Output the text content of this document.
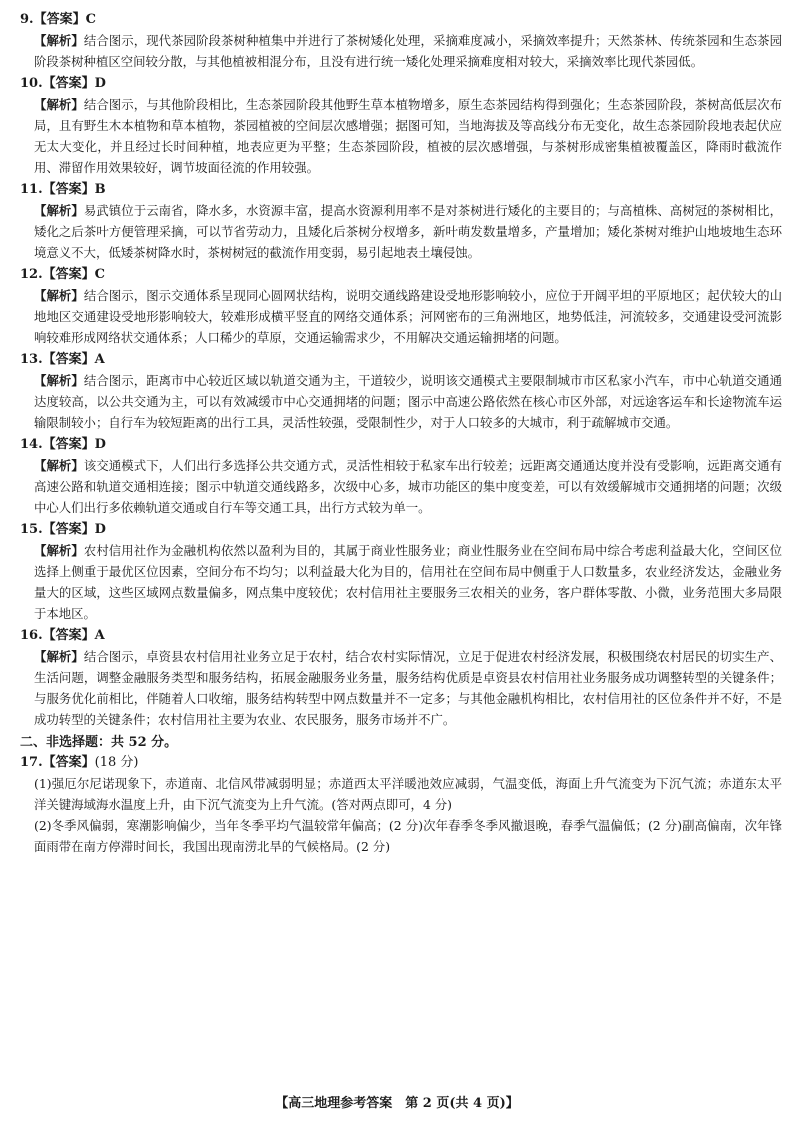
9.【答案】C

【解析】结合图示，现代茶园阶段茶树种植集中并进行了茶树矮化处理，采摘难度减小，采摘效率提升；天然茶林、传统茶园和生态茶园阶段茶树种植区空间较分散，与其他植被相混分布，且没有进行统一矮化处理采摘难度相对较大，采摘效率比现代茶园低。

10.【答案】D

【解析】结合图示，与其他阶段相比，生态茶园阶段其他野生草本植物增多，原生态茶园结构得到强化；生态茶园阶段，茶树高低层次布局，且有野生木本植物和草本植物，茶园植被的空间层次感增强；据图可知，当地海拔及等高线分布无变化，故生态茶园阶段地表起伏应无太大变化，并且经过长时间种植，地表应更为平整；生态茶园阶段，植被的层次感增强，与茶树形成密集植被覆盖区，降雨时截流作用、滞留作用效果较好，调节坡面径流的作用较强。

11.【答案】B

【解析】易武镇位于云南省，降水多，水资源丰富，提高水资源利用率不是对茶树进行矮化的主要目的；与高植株、高树冠的茶树相比，矮化之后茶叶方便管理采摘，可以节省劳动力，且矮化后茶树分杈增多，新叶萌发数量增多，产量增加；矮化茶树对维护山地坡地生态环境意义不大，低矮茶树降水时，茶树树冠的截流作用变弱，易引起地表土壤侵蚀。

12.【答案】C

【解析】结合图示，图示交通体系呈现同心圆网状结构，说明交通线路建设受地形影响较小，应位于开阔平坦的平原地区；起伏较大的山地地区交通建设受地形影响较大，较难形成横平竖直的网络交通体系；河网密布的三角洲地区，地势低洼，河流较多，交通建设受河流影响较难形成网络状交通体系；人口稀少的草原，交通运输需求少，不用解决交通运输拥堵的问题。

13.【答案】A

【解析】结合图示，距离市中心较近区域以轨道交通为主，干道较少，说明该交通模式主要限制城市市区私家小汽车，市中心轨道交通通达度较高，以公共交通为主，可以有效减缓市中心交通拥堵的问题；图示中高速公路依然在核心市区外部，对远途客运车和长途物流车运输限制较小；自行车为较短距离的出行工具，灵活性较强，受限制性少，对于人口较多的大城市，利于疏解城市交通。

14.【答案】D

【解析】该交通模式下，人们出行多选择公共交通方式，灵活性相较于私家车出行较差；远距离交通通达度并没有受影响，远距离交通有高速公路和轨道交通相连接；图示中轨道交通线路多，次级中心多，城市功能区的集中度变差，可以有效缓解城市交通拥堵的问题；次级中心人们出行多依赖轨道交通或自行车等交通工具，出行方式较为单一。

15.【答案】D

【解析】农村信用社作为金融机构依然以盈利为目的，其属于商业性服务业；商业性服务业在空间布局中综合考虑利益最大化，空间区位选择上侧重于最优区位因素，空间分布不均匀；以利益最大化为目的，信用社在空间布局中侧重于人口数量多，农业经济发达，金融业务量大的区域，这些区域网点数量偏多，网点集中度较优；农村信用社主要服务三农相关的业务，客户群体零散、小微，业务范围大多局限于本地区。

16.【答案】A

【解析】结合图示，卓资县农村信用社业务立足于农村，结合农村实际情况，立足于促进农村经济发展，积极围绕农村居民的切实生产、生活问题，调整金融服务类型和服务结构，拓展金融服务业务量，服务结构优质是卓资县农村信用社业务服务成功调整转型的关键条件；与服务优化前相比，伴随着人口收缩，服务结构转型中网点数量并不一定多；与其他金融机构相比，农村信用社的区位条件并不好，不是成功转型的关键条件；农村信用社主要为农业、农民服务，服务市场并不广。

二、非选择题：共 52 分。

17.【答案】(18 分)

(1)强厄尔尼诺现象下，赤道南、北信风带减弱明显；赤道西太平洋暖池效应减弱，气温变低，海面上升气流变为下沉气流；赤道东太平洋关键海域海水温度上升，由下沉气流变为上升气流。(答对两点即可，4 分)

(2)冬季风偏弱，寒潮影响偏少，当年冬季平均气温较常年偏高；(2 分)次年春季冬季风撤退晚，春季气温偏低；(2 分)副高偏南，次年锋面雨带在南方停滞时间长，我国出现南涝北旱的气候格局。(2 分)

【高三地理参考答案　第 2 页(共 4 页)】
